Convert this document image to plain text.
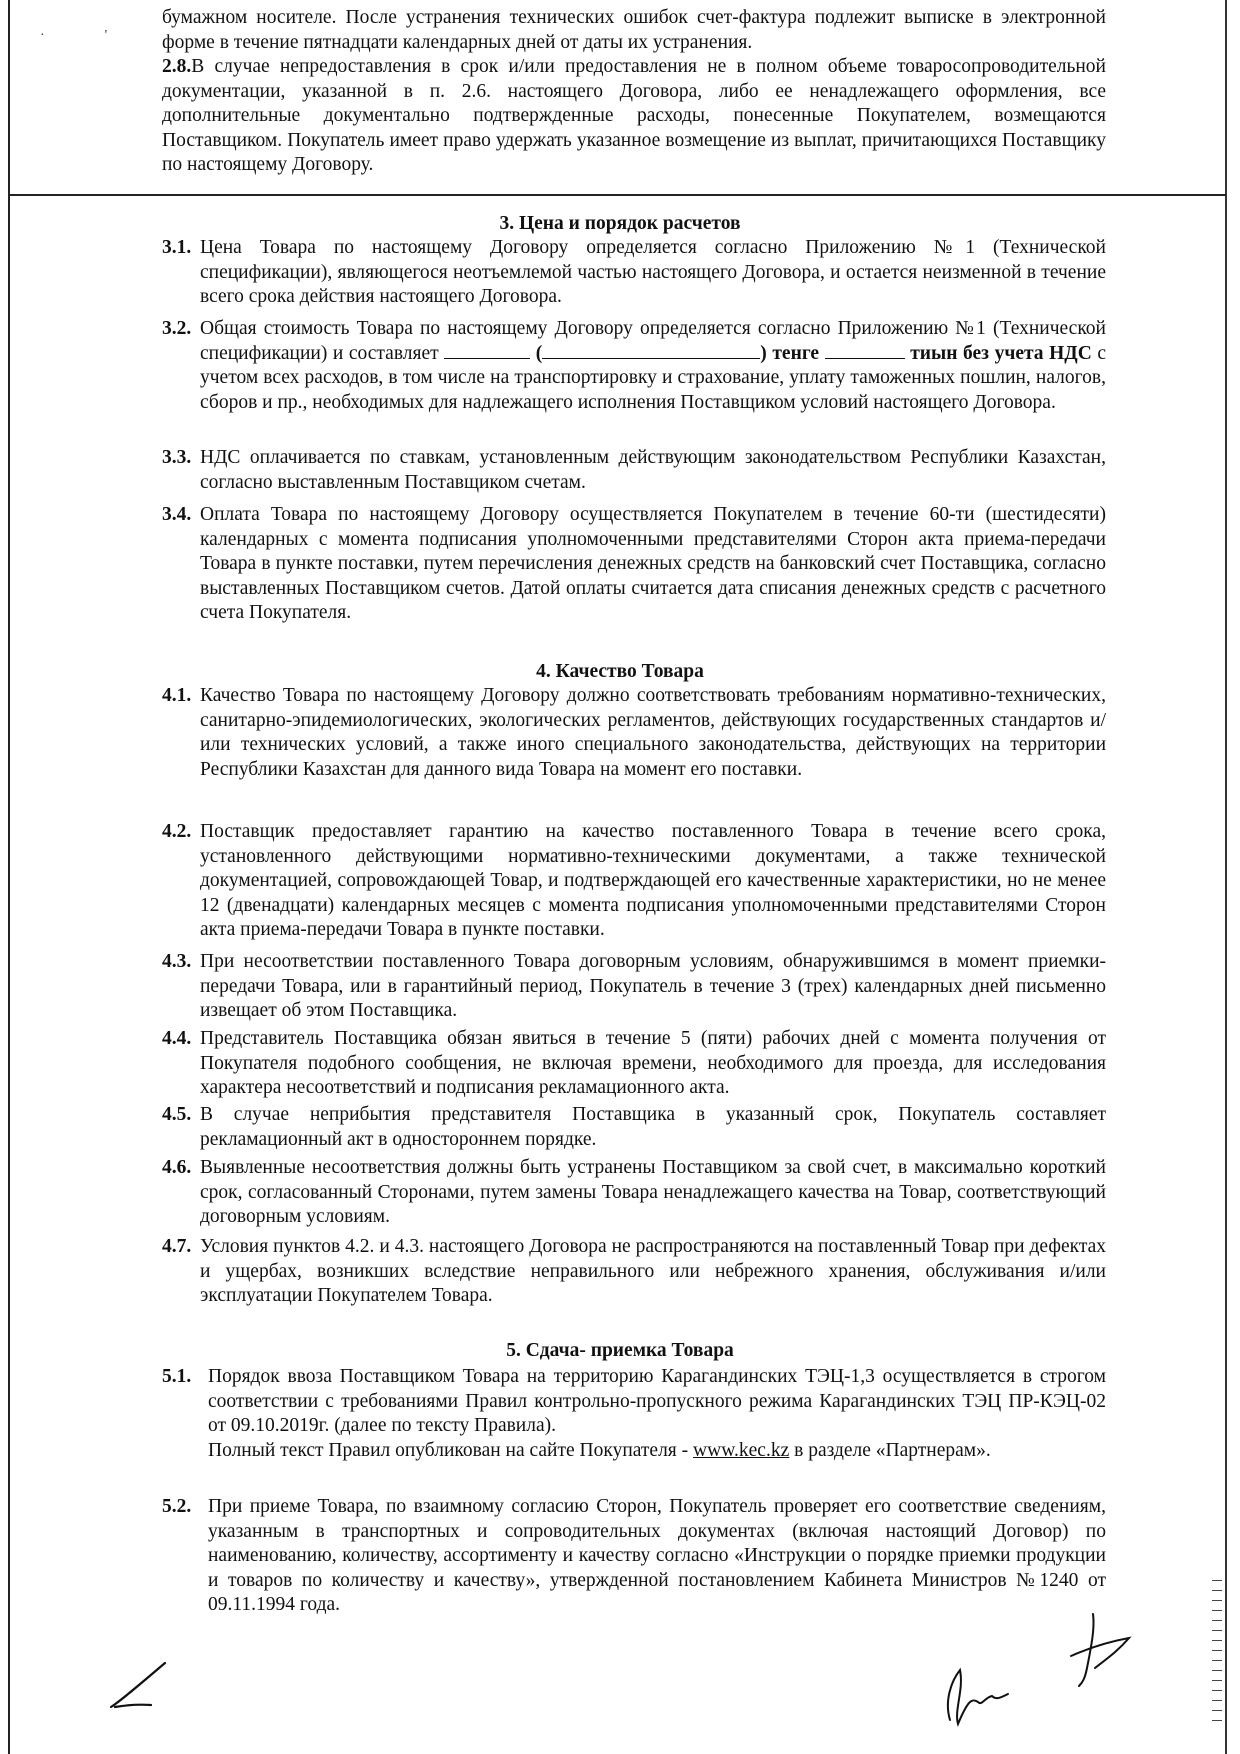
·'

бумажном носителе. После устранения технических ошибок счет-фактура подлежит выписке в электронной форме в течение пятнадцати календарных дней от даты их устранения.

2.8.В случае непредоставления в срок и/или предоставления не в полном объеме товаросопроводительной документации, указанной в п. 2.6. настоящего Договора, либо ее ненадлежащего оформления, все дополнительные документально подтвержденные расходы, понесенные Покупателем, возмещаются Поставщиком. Покупатель имеет право удержать указанное возмещение из выплат, причитающихся Поставщику по настоящему Договору.

3. Цена и порядок расчетов
3.1. Цена Товара по настоящему Договору определяется согласно Приложению №1 (Технической спецификации), являющегося неотъемлемой частью настоящего Договора, и остается неизменной в течение всего срока действия настоящего Договора.
3.2. Общая стоимость Товара по настоящему Договору определяется согласно Приложению №1 (Технической спецификации) и составляет	(	) тенге	тиын без учета НДС с учетом всех расходов, в том числе на транспортировку и страхование, уплату таможенных пошлин, налогов, сборов и пр., необходимых для надлежащего исполнения Поставщиком условий настоящего Договора.
3.3. НДС оплачивается по ставкам, установленным действующим законодательством Республики Казахстан, согласно выставленным Поставщиком счетам.
3.4. Оплата Товара по настоящему Договору осуществляется Покупателем в течение 60-ти (шестидесяти) календарных с момента подписания уполномоченными представителями Сторон акта приема-передачи Товара в пункте поставки, путем перечисления денежных средств на банковский счет Поставщика, согласно выставленных Поставщиком счетов. Датой оплаты считается дата списания денежных средств с расчетного счета Покупателя.
4. Качество Товара
4.1. Качество Товара по настоящему Договору должно соответствовать требованиям нормативно-технических, санитарно-эпидемиологических, экологических регламентов, действующих государственных стандартов и/или технических условий, а также иного специального законодательства, действующих на территории Республики Казахстан для данного вида Товара на момент его поставки.
4.2. Поставщик предоставляет гарантию на качество поставленного Товара в течение всего срока, установленного действующими нормативно-техническими документами, а также технической документацией, сопровождающей Товар, и подтверждающей его качественные характеристики, но не менее 12 (двенадцати) календарных месяцев с момента подписания уполномоченными представителями Сторон акта приема-передачи Товара в пункте поставки.
4.3. При несоответствии поставленного Товара договорным условиям, обнаружившимся в момент приемки-передачи Товара, или в гарантийный период, Покупатель в течение 3 (трех) календарных дней письменно извещает об этом Поставщика.
4.4. Представитель Поставщика обязан явиться в течение 5 (пяти) рабочих дней с момента получения от Покупателя подобного сообщения, не включая времени, необходимого для проезда, для исследования характера несоответствий и подписания рекламационного акта.
4.5. В случае неприбытия представителя Поставщика в указанный срок, Покупатель составляет рекламационный акт в одностороннем порядке.
4.6. Выявленные несоответствия должны быть устранены Поставщиком за свой счет, в максимально короткий срок, согласованный Сторонами, путем замены Товара ненадлежащего качества на Товар, соответствующий договорным условиям.
4.7. Условия пунктов 4.2. и 4.3. настоящего Договора не распространяются на поставленный Товар при дефектах и ущербах, возникших вследствие неправильного или небрежного хранения, обслуживания и/или эксплуатации Покупателем Товара.
5. Сдача- приемка Товара
5.1. Порядок ввоза Поставщиком Товара на территорию Карагандинских ТЭЦ-1,3 осуществляется в строгом соответствии с требованиями Правил контрольно-пропускного режима Карагандинских ТЭЦ ПР-КЭЦ-02 от 09.10.2019г. (далее по тексту Правила).
Полный текст Правил опубликован на сайте Покупателя - www.kec.kz в разделе «Партнерам».
5.2. При приеме Товара, по взаимному согласию Сторон, Покупатель проверяет его соответствие сведениям, указанным в транспортных и сопроводительных документах (включая настоящий Договор) по наименованию, количеству, ассортименту и качеству согласно «Инструкции о порядке приемки продукции и товаров по количеству и качеству», утвержденной постановлением Кабинета Министров №1240 от 09.11.1994 года.
